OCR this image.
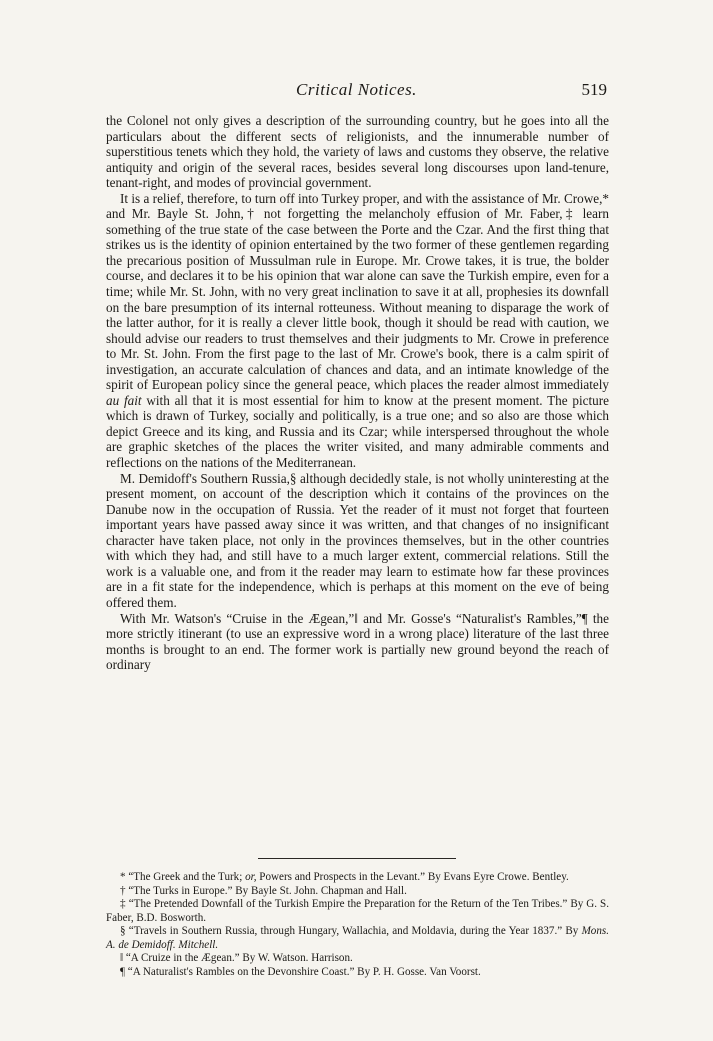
Critical Notices.	519

the Colonel not only gives a description of the surrounding country, but he goes into all the particulars about the different sects of religionists, and the innumerable number of superstitious tenets which they hold, the variety of laws and customs they observe, the relative antiquity and origin of the several races, besides several long discourses upon land-tenure, tenant-right, and modes of provincial government.

It is a relief, therefore, to turn off into Turkey proper, and with the assistance of Mr. Crowe,* and Mr. Bayle St. John,† not forgetting the melancholy effusion of Mr. Faber,‡ learn something of the true state of the case between the Porte and the Czar. And the first thing that strikes us is the identity of opinion entertained by the two former of these gentlemen regarding the precarious position of Mussulman rule in Europe. Mr. Crowe takes, it is true, the bolder course, and declares it to be his opinion that war alone can save the Turkish empire, even for a time; while Mr. St. John, with no very great inclination to save it at all, prophesies its downfall on the bare presumption of its internal rotteuness. Without meaning to disparage the work of the latter author, for it is really a clever little book, though it should be read with caution, we should advise our readers to trust themselves and their judgments to Mr. Crowe in preference to Mr. St. John. From the first page to the last of Mr. Crowe's book, there is a calm spirit of investigation, an accurate calculation of chances and data, and an intimate knowledge of the spirit of European policy since the general peace, which places the reader almost immediately au fait with all that it is most essential for him to know at the present moment. The picture which is drawn of Turkey, socially and politically, is a true one; and so also are those which depict Greece and its king, and Russia and its Czar; while interspersed throughout the whole are graphic sketches of the places the writer visited, and many admirable comments and reflections on the nations of the Mediterranean.

M. Demidoff's Southern Russia,§ although decidedly stale, is not wholly uninteresting at the present moment, on account of the description which it contains of the provinces on the Danube now in the occupation of Russia. Yet the reader of it must not forget that fourteen important years have passed away since it was written, and that changes of no insignificant character have taken place, not only in the provinces themselves, but in the other countries with which they had, and still have to a much larger extent, commercial relations. Still the work is a valuable one, and from it the reader may learn to estimate how far these provinces are in a fit state for the independence, which is perhaps at this moment on the eve of being offered them.

With Mr. Watson's “Cruise in the Ægean,”‖ and Mr. Gosse's “Naturalist's Rambles,”¶ the more strictly itinerant (to use an expressive word in a wrong place) literature of the last three months is brought to an end. The former work is partially new ground beyond the reach of ordinary

* “The Greek and the Turk; or, Powers and Prospects in the Levant.” By Evans Eyre Crowe. Bentley.

† “The Turks in Europe.” By Bayle St. John. Chapman and Hall.

‡ “The Pretended Downfall of the Turkish Empire the Preparation for the Return of the Ten Tribes.” By G. S. Faber, B.D. Bosworth.

§ “Travels in Southern Russia, through Hungary, Wallachia, and Moldavia, during the Year 1837.” By Mons. A. de Demidoff. Mitchell.

‖ “A Cruize in the Ægean.” By W. Watson. Harrison.

¶ “A Naturalist's Rambles on the Devonshire Coast.” By P. H. Gosse. Van Voorst.
